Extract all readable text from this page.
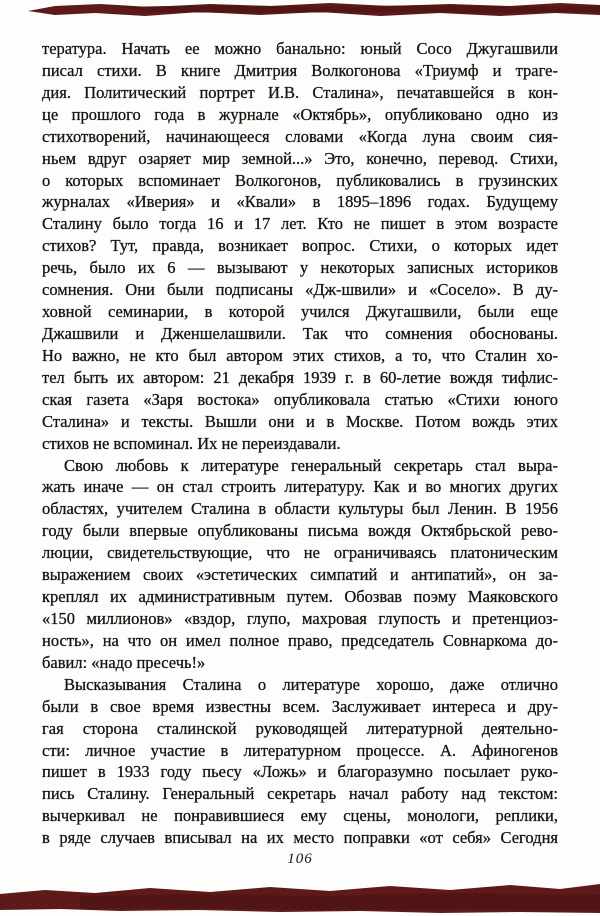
тература. Начать ее можно банально: юный Сосо Джугашвили
писал стихи. В книге Дмитрия Волкогонова «Триумф и траге-
дия. Политический портрет И.В. Сталина», печатавшейся в кон-
це прошлого года в журнале «Октябрь», опубликовано одно из
стихотворений, начинающееся словами «Когда луна своим сия-
ньем вдруг озаряет мир земной...» Это, конечно, перевод. Стихи,
о которых вспоминает Волкогонов, публиковались в грузинских
журналах «Иверия» и «Квали» в 1895–1896 годах. Будущему
Сталину было тогда 16 и 17 лет. Кто не пишет в этом возрасте
стихов? Тут, правда, возникает вопрос. Стихи, о которых идет
речь, было их 6 — вызывают у некоторых записных историков
сомнения. Они были подписаны «Дж-швили» и «Сосело». В ду-
ховной семинарии, в которой учился Джугашвили, были еще
Джашвили и Дженшелашвили. Так что сомнения обоснованы.
Но важно, не кто был автором этих стихов, а то, что Сталин хо-
тел быть их автором: 21 декабря 1939 г. в 60-летие вождя тифлис-
ская газета «Заря востока» опубликовала статью «Стихи юного
Сталина» и тексты. Вышли они и в Москве. Потом вождь этих
стихов не вспоминал. Их не переиздавали.
Свою любовь к литературе генеральный секретарь стал выра-
жать иначе — он стал строить литературу. Как и во многих других
областях, учителем Сталина в области культуры был Ленин. В 1956
году были впервые опубликованы письма вождя Октябрьской рево-
люции, свидетельствующие, что не ограничиваясь платоническим
выражением своих «эстетических симпатий и антипатий», он за-
креплял их административным путем. Обозвав поэму Маяковского
«150 миллионов» «вздор, глупо, махровая глупость и претенциоз-
ность», на что он имел полное право, председатель Совнаркома до-
бавил: «надо пресечь!»
Высказывания Сталина о литературе хорошо, даже отлично
были в свое время известны всем. Заслуживает интереса и дру-
гая сторона сталинской руководящей литературной деятельно-
сти: личное участие в литературном процессе. А. Афиногенов
пишет в 1933 году пьесу «Ложь» и благоразумно посылает руко-
пись Сталину. Генеральный секретарь начал работу над текстом:
вычеркивал не понравившиеся ему сцены, монологи, реплики,
в ряде случаев вписывал на их место поправки «от себя» Сегодня
106
